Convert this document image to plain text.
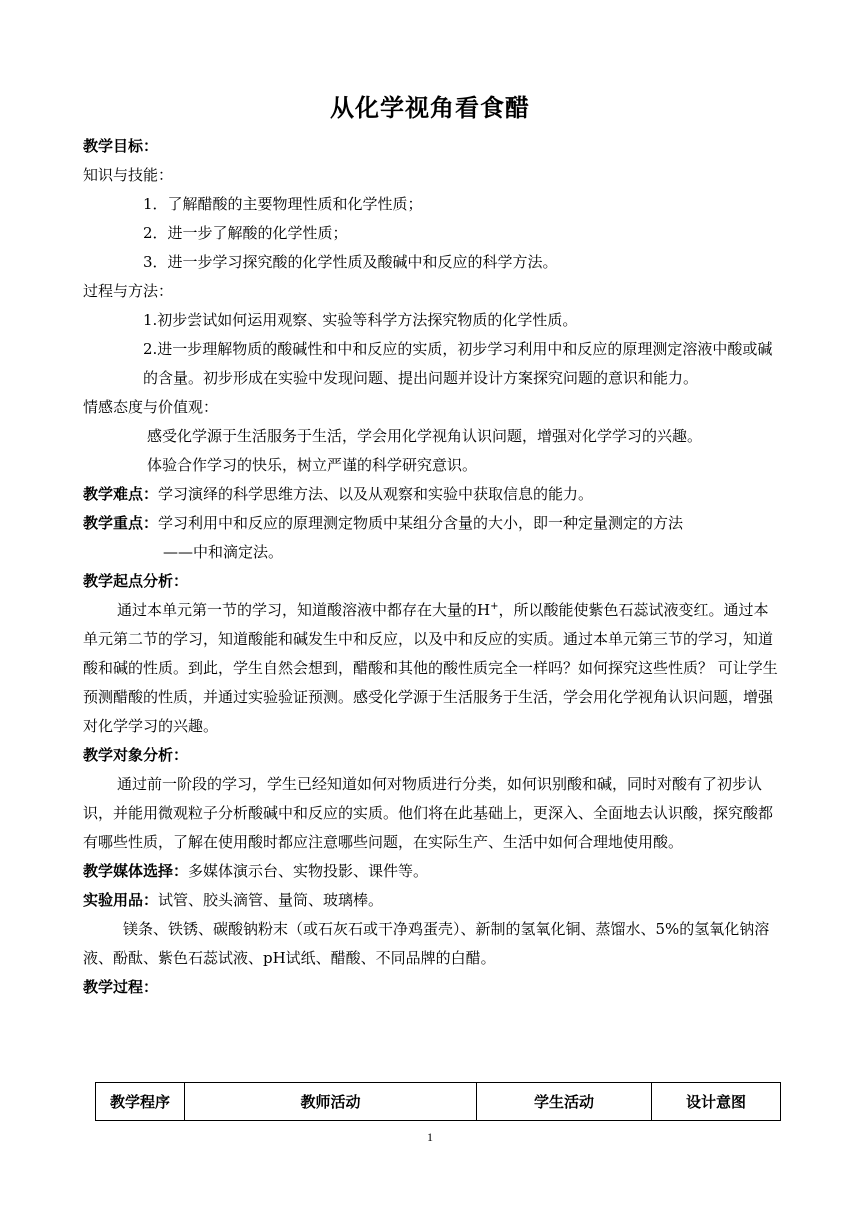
从化学视角看食醋

教学目标：

知识与技能：

1．了解醋酸的主要物理性质和化学性质；

2．进一步了解酸的化学性质；

3．进一步学习探究酸的化学性质及酸碱中和反应的科学方法。

过程与方法：

1.初步尝试如何运用观察、实验等科学方法探究物质的化学性质。

2.进一步理解物质的酸碱性和中和反应的实质，初步学习利用中和反应的原理测定溶液中酸或碱的含量。初步形成在实验中发现问题、提出问题并设计方案探究问题的意识和能力。

情感态度与价值观：

感受化学源于生活服务于生活，学会用化学视角认识问题，增强对化学学习的兴趣。

体验合作学习的快乐，树立严谨的科学研究意识。

教学难点： 学习演绎的科学思维方法、以及从观察和实验中获取信息的能力。
教学重点： 学习利用中和反应的原理测定物质中某组分含量的大小，即一种定量测定的方法

——中和滴定法。

教学起点分析：

通过本单元第一节的学习，知道酸溶液中都存在大量的H+，所以酸能使紫色石蕊试液变红。通过本单元第二节的学习，知道酸能和碱发生中和反应，以及中和反应的实质。通过本单元第三节的学习，知道酸和碱的性质。到此，学生自然会想到，醋酸和其他的酸性质完全一样吗？如何探究这些性质？ 可让学生预测醋酸的性质，并通过实验验证预测。感受化学源于生活服务于生活，学会用化学视角认识问题，增强对化学学习的兴趣。

教学对象分析：

通过前一阶段的学习，学生已经知道如何对物质进行分类，如何识别酸和碱，同时对酸有了初步认识，并能用微观粒子分析酸碱中和反应的实质。他们将在此基础上，更深入、全面地去认识酸，探究酸都有哪些性质，了解在使用酸时都应注意哪些问题，在实际生产、生活中如何合理地使用酸。

教学媒体选择： 多媒体演示台、实物投影、课件等。
实验用品： 试管、胶头滴管、量筒、玻璃棒。

镁条、铁锈、碳酸钠粉末（或石灰石或干净鸡蛋壳）、新制的氢氧化铜、蒸馏水、5%的氢氧化钠溶液、酚酞、紫色石蕊试液、pH试纸、醋酸、不同品牌的白醋。

教学过程：

教学程序	教师活动	学生活动	设计意图
1
